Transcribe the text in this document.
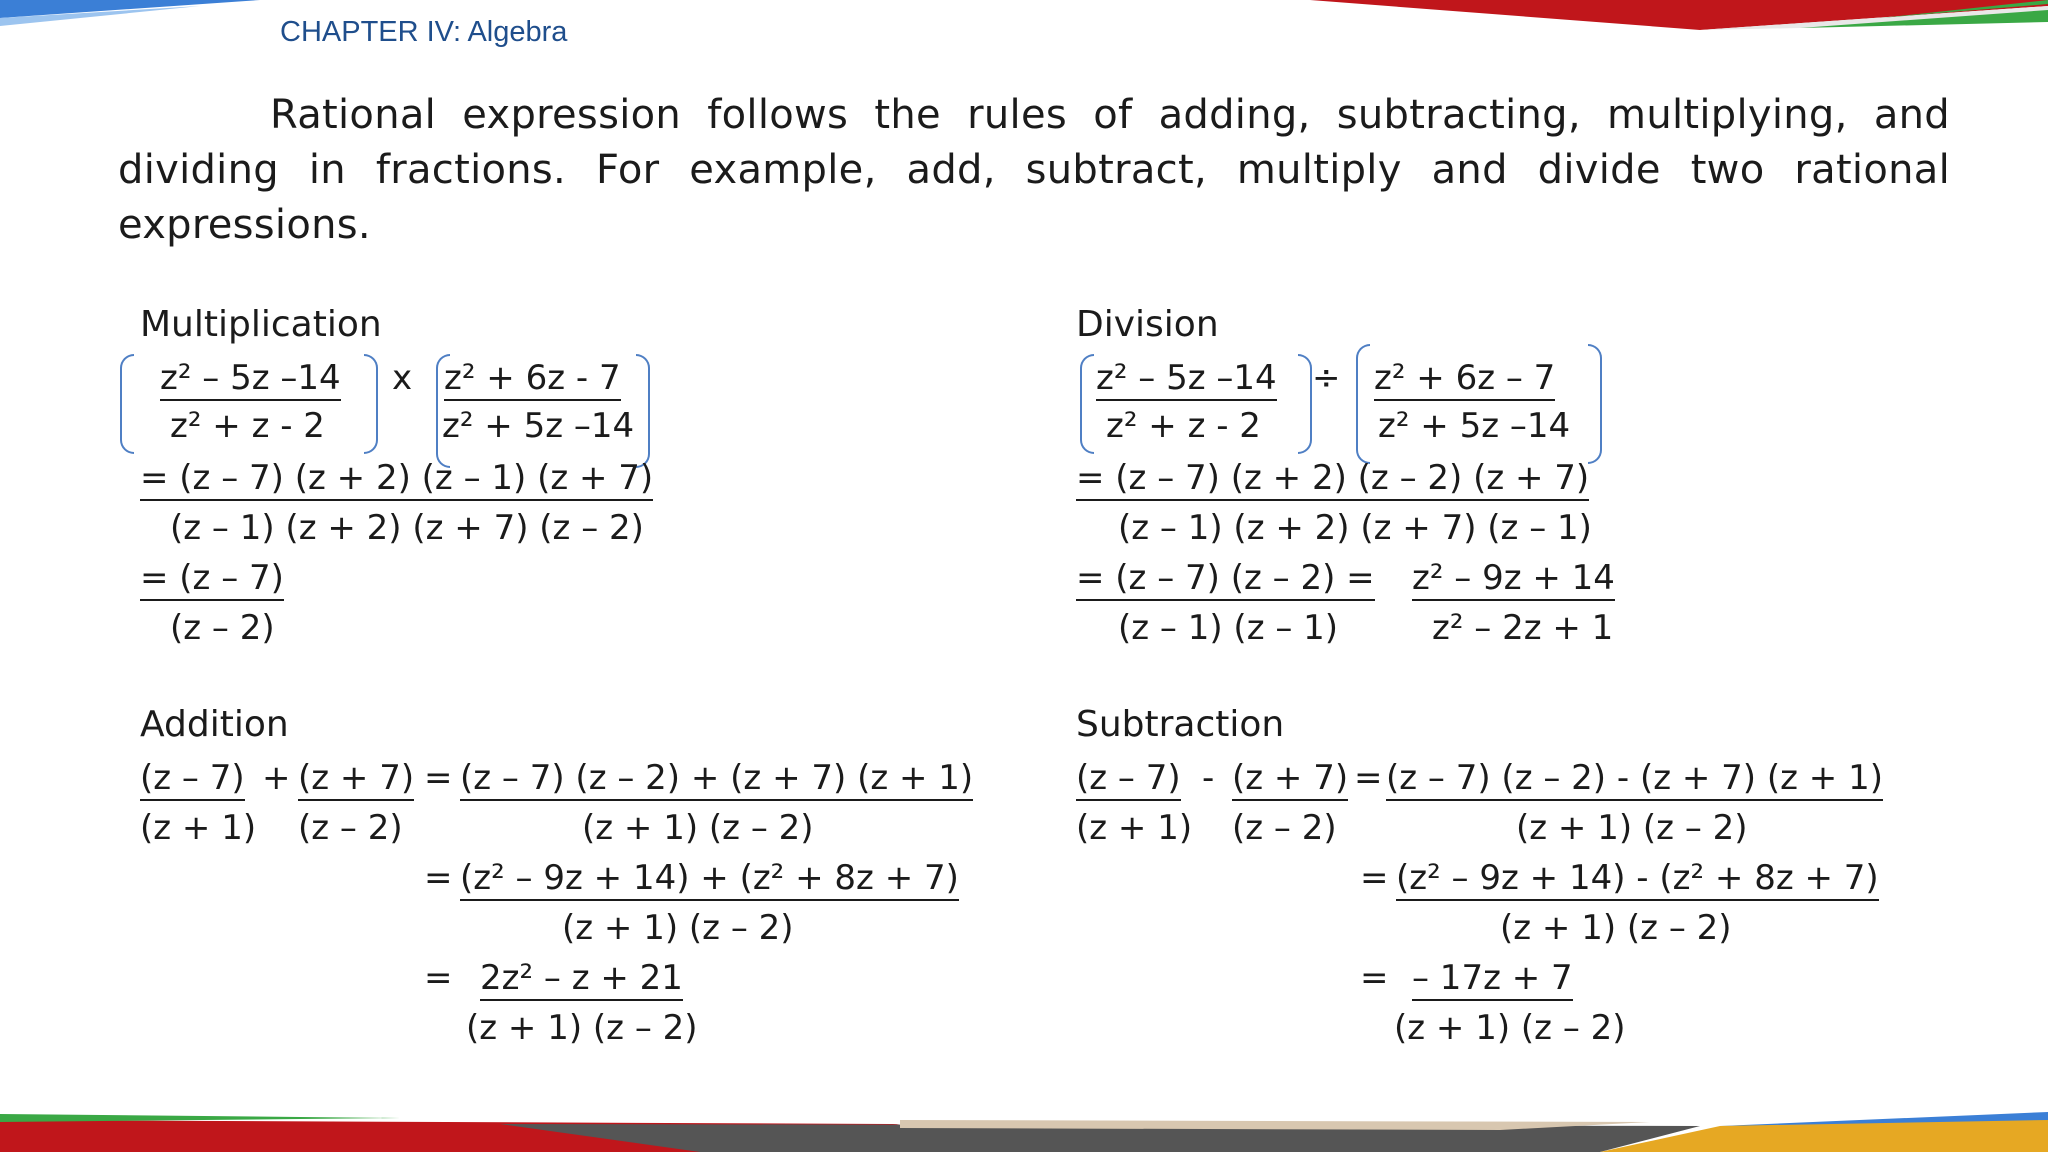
CHAPTER IV: Algebra
Rational expression follows the rules of adding, subtracting, multiplying, and dividing in fractions. For example, add, subtract, multiply and divide two rational expressions.
Multiplication
z² – 5z –14
z² + z - 2
x z² + 6z - 7
z² + 5z –14
= (z – 7) (z + 2) (z – 1) (z + 7)
(z – 1) (z + 2) (z + 7) (z – 2)
= (z – 7)
(z – 2)
Division
z² – 5z –14
z² + z - 2
÷ z² + 6z – 7
z² + 5z –14
= (z – 7) (z + 2) (z – 2) (z + 7)
(z – 1) (z + 2) (z + 7) (z – 1)
= (z – 7) (z – 2) =
(z – 1) (z – 1)
z² – 9z + 14
z² – 2z + 1
Addition
(z – 7)
(z + 1)
+ (z + 7)
(z – 2)
= (z – 7) (z – 2) + (z + 7) (z + 1)
(z + 1) (z – 2)
= (z² – 9z + 14) + (z² + 8z + 7)
(z + 1) (z – 2)
= 2z² – z + 21
(z + 1) (z – 2)
Subtraction
(z – 7)
(z + 1)
- (z + 7)
(z – 2)
= (z – 7) (z – 2) - (z + 7) (z + 1)
(z + 1) (z – 2)
= (z² – 9z + 14) - (z² + 8z + 7)
(z + 1) (z – 2)
= – 17z + 7
(z + 1) (z – 2)
